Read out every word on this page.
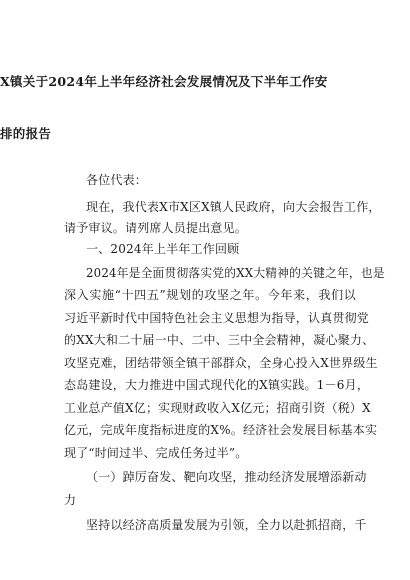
X镇关于2024年上半年经济社会发展情况及下半年工作安
排的报告
各位代表：
现在，我代表X市X区X镇人民政府，向大会报告工作，
请予审议。请列席人员提出意见。
一、2024年上半年工作回顾
2024年是全面贯彻落实党的XX大精神的关键之年，也是
深入实施“十四五”规划的攻坚之年。今年来，我们以
习近平新时代中国特色社会主义思想为指导，认真贯彻党
的XX大和二十届一中、二中、三中全会精神，凝心聚力、
攻坚克难，团结带领全镇干部群众，全身心投入X世界级生
态岛建设，大力推进中国式现代化的X镇实践。1－6月，
工业总产值X亿；实现财政收入X亿元；招商引资（税）X
亿元，完成年度指标进度的X%。经济社会发展目标基本实
现了“时间过半、完成任务过半”。
（一）踔厉奋发、靶向攻坚，推动经济发展增添新动
力
坚持以经济高质量发展为引领，全力以赴抓招商，千
